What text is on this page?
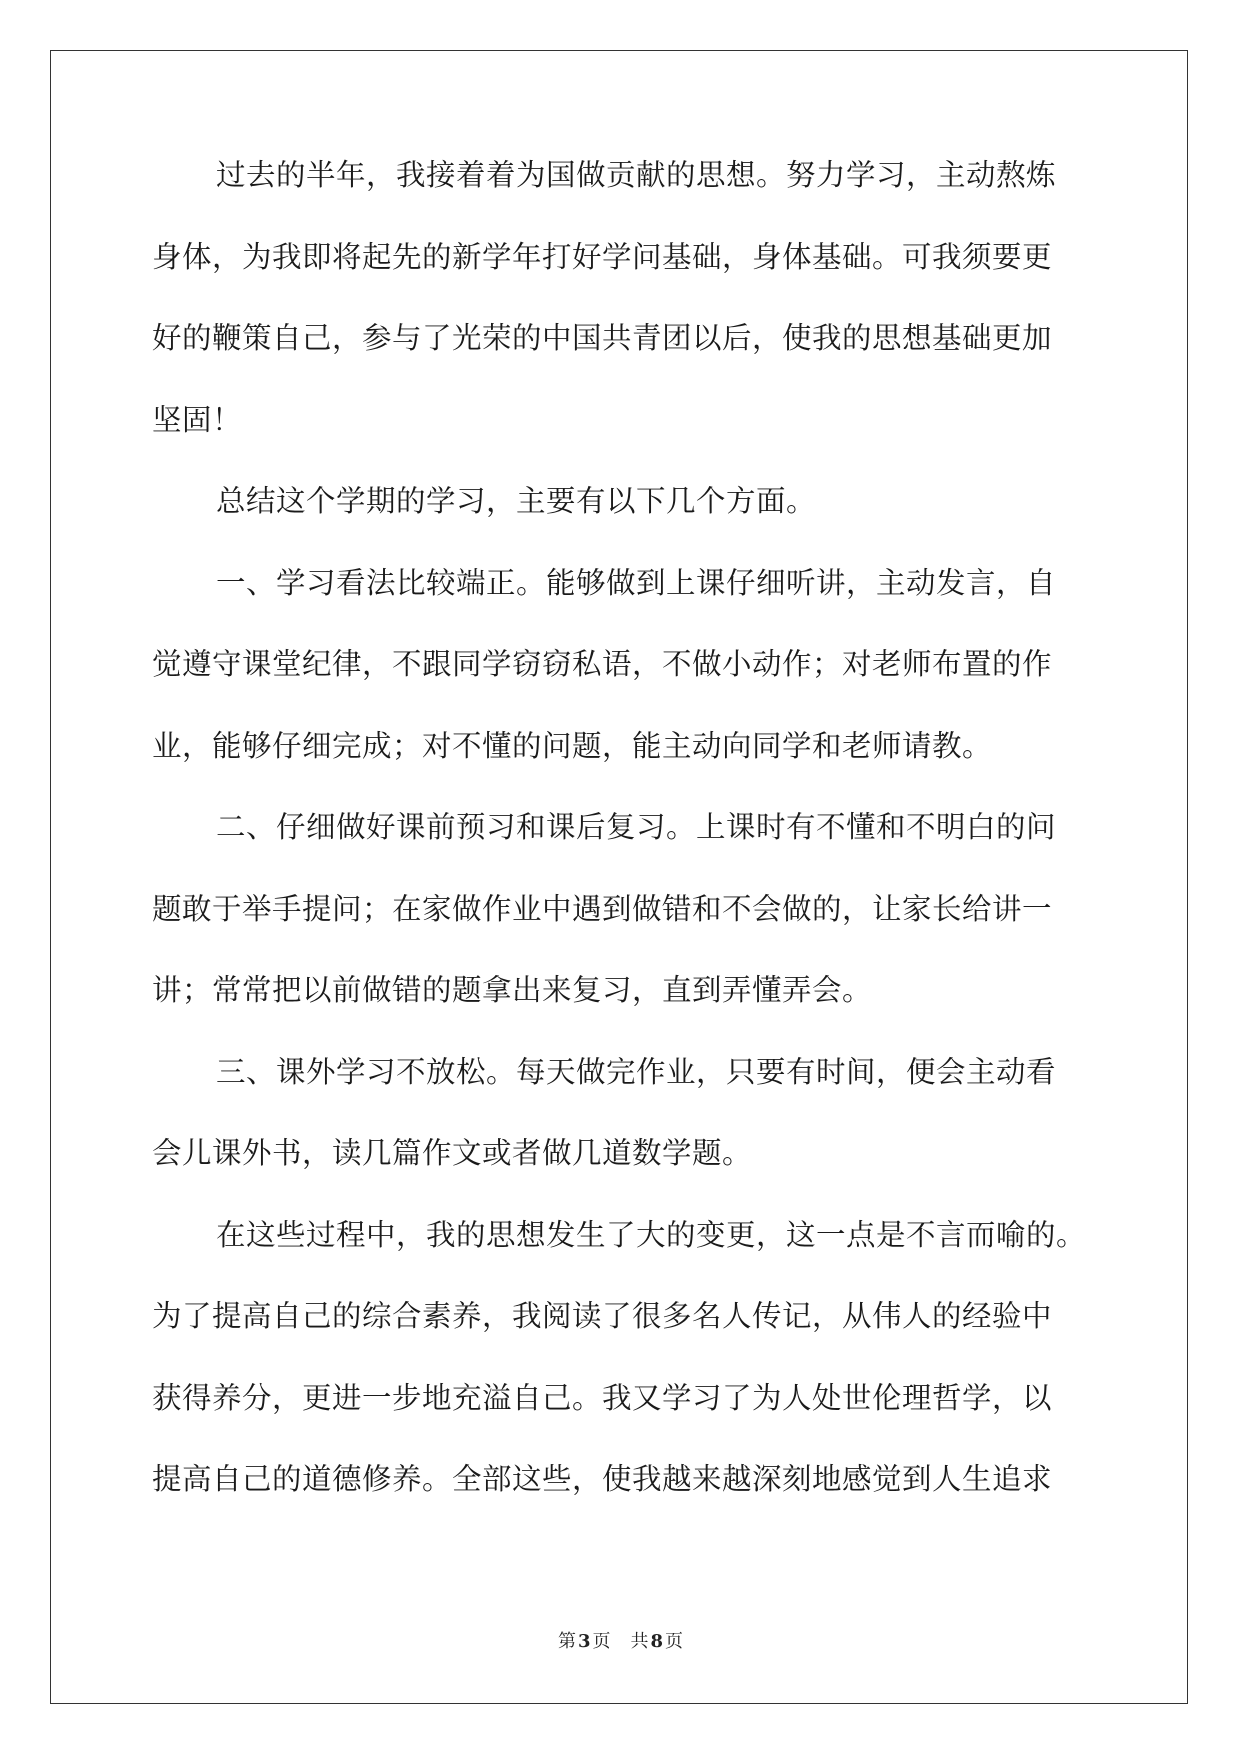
过去的半年，我接着着为国做贡献的思想。努力学习，主动熬炼
身体，为我即将起先的新学年打好学问基础，身体基础。可我须要更
好的鞭策自己，参与了光荣的中国共青团以后，使我的思想基础更加
坚固！
总结这个学期的学习，主要有以下几个方面。
一、学习看法比较端正。能够做到上课仔细听讲，主动发言，自
觉遵守课堂纪律，不跟同学窃窃私语，不做小动作；对老师布置的作
业，能够仔细完成；对不懂的问题，能主动向同学和老师请教。
二、仔细做好课前预习和课后复习。上课时有不懂和不明白的问
题敢于举手提问；在家做作业中遇到做错和不会做的，让家长给讲一
讲；常常把以前做错的题拿出来复习，直到弄懂弄会。
三、课外学习不放松。每天做完作业，只要有时间，便会主动看
会儿课外书，读几篇作文或者做几道数学题。
在这些过程中，我的思想发生了大的变更，这一点是不言而喻的。
为了提高自己的综合素养，我阅读了很多名人传记，从伟人的经验中
获得养分，更进一步地充溢自己。我又学习了为人处世伦理哲学，以
提高自己的道德修养。全部这些，使我越来越深刻地感觉到人生追求
第 3 页 共 8 页
